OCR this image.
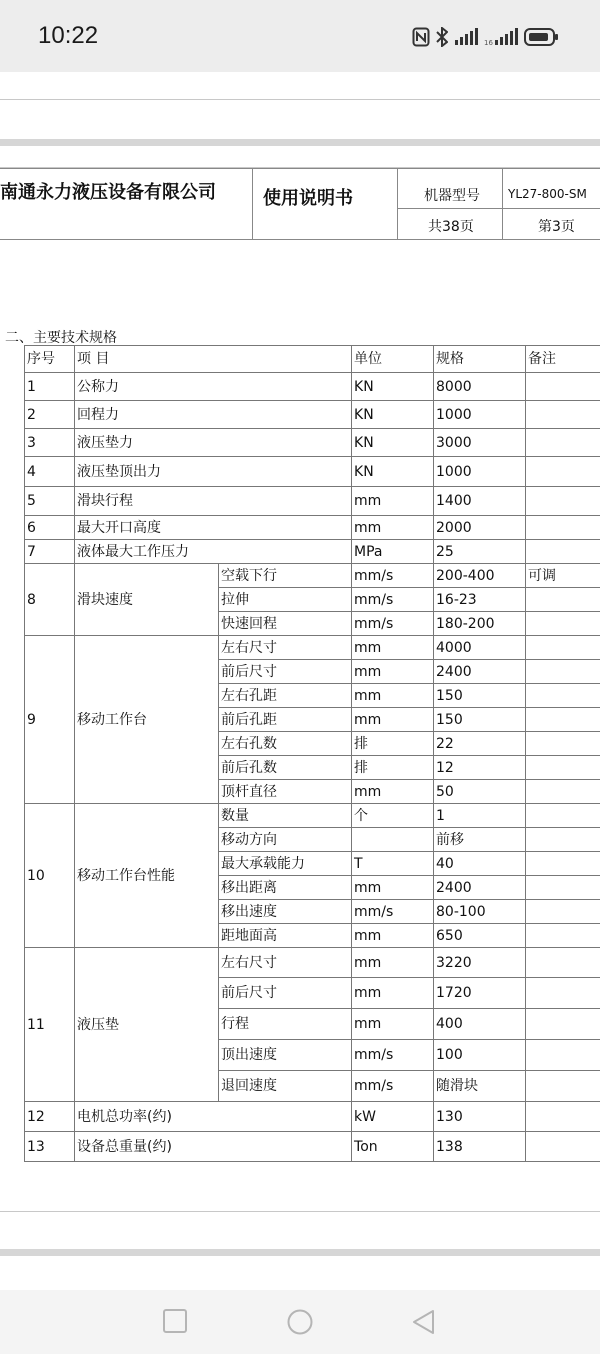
10:22	16
南通永力液压设备有限公司	使用说明书	机器型号 YL27-800-SM
共38页	第3页
二、主要技术规格
序号	项 目		单位	规格	备注
1	公称力		KN	8000	
2	回程力		KN	1000	
3	液压垫力		KN	3000	
4	液压垫顶出力		KN	1000	
5	滑块行程		mm	1400	
6	最大开口高度		mm	2000	
7	液体最大工作压力		MPa	25	
8	滑块速度	空载下行	mm/s	200-400	可调
		拉伸	mm/s	16-23	
		快速回程	mm/s	180-200	
9	移动工作台	左右尺寸	mm	4000	
		前后尺寸	mm	2400	
		左右孔距	mm	150	
		前后孔距	mm	150	
		左右孔数	排	22	
		前后孔数	排	12	
		顶杆直径	mm	50	
10	移动工作台性能	数量	个	1	
		移动方向		前移	
		最大承载能力	T	40	
		移出距离	mm	2400	
		移出速度	mm/s	80-100	
		距地面高	mm	650	
11	液压垫	左右尺寸	mm	3220	
		前后尺寸	mm	1720	
		行程	mm	400	
		顶出速度	mm/s	100	
		退回速度	mm/s	随滑块	
12	电机总功率(约)		kW	130	
13	设备总重量(约)		Ton	138	
